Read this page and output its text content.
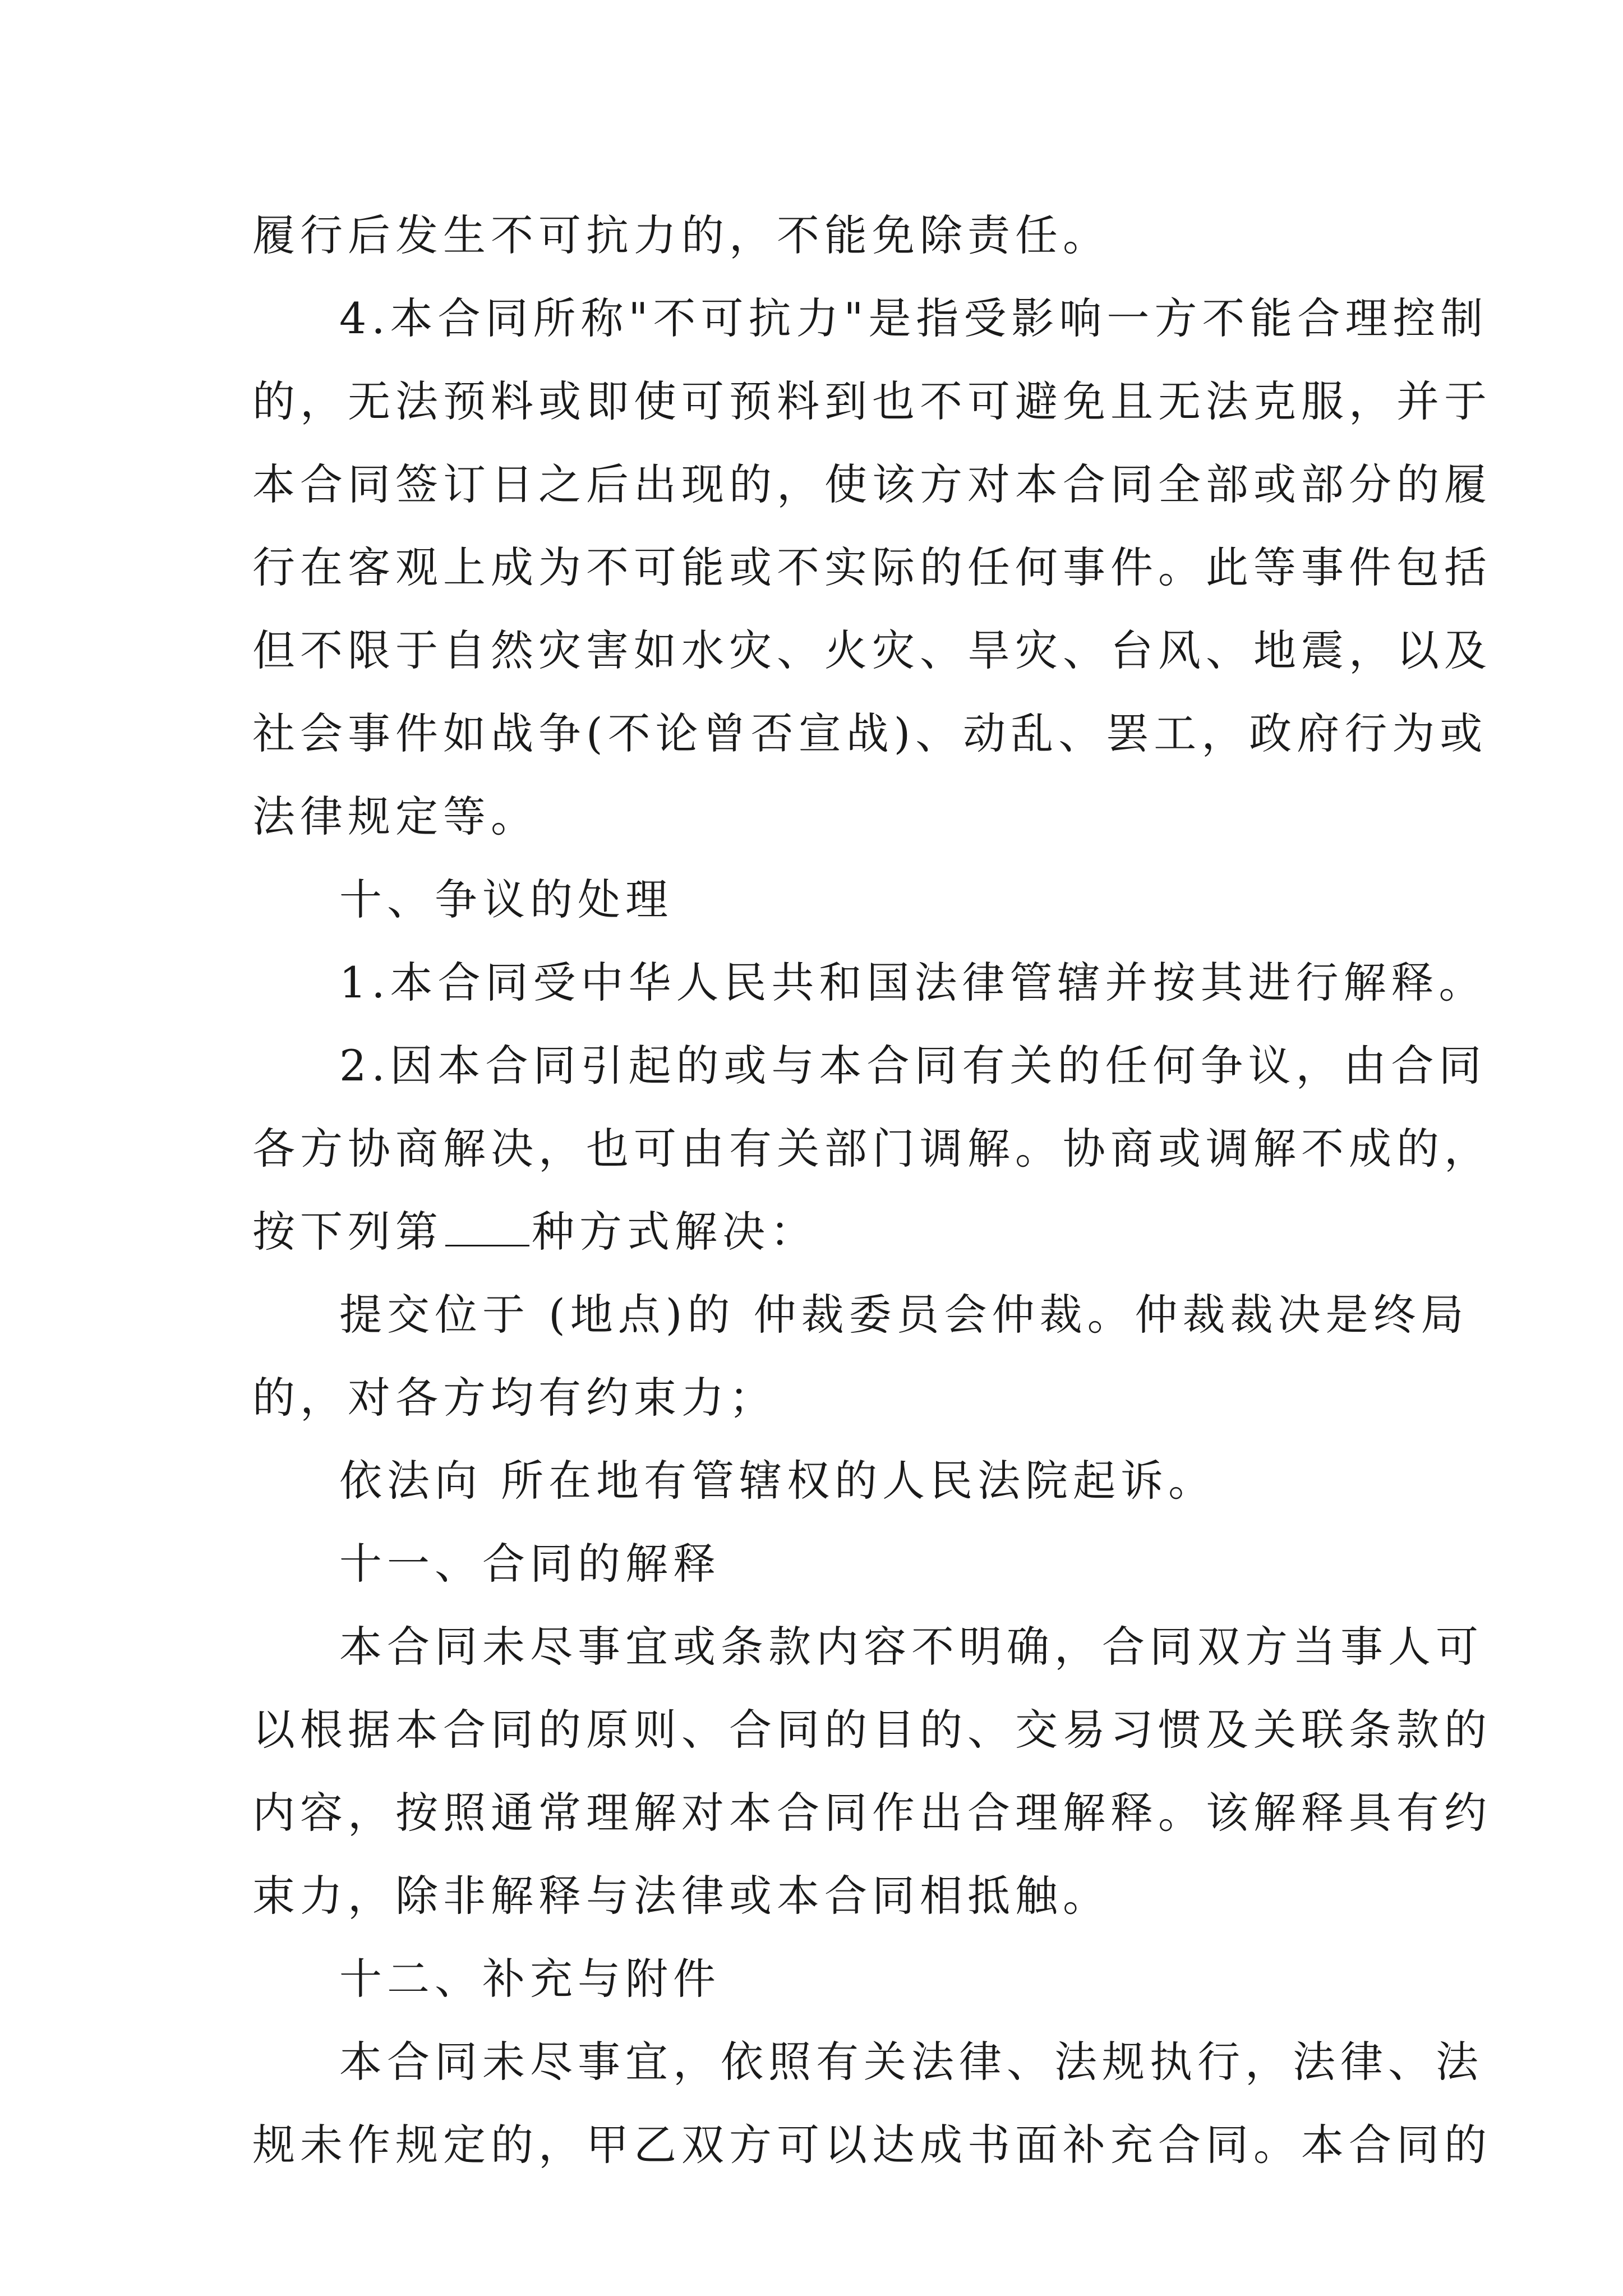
履行后发生不可抗力的，不能免除责任。
4.本合同所称"不可抗力"是指受影响一方不能合理控制
的，无法预料或即使可预料到也不可避免且无法克服，并于
本合同签订日之后出现的，使该方对本合同全部或部分的履
行在客观上成为不可能或不实际的任何事件。此等事件包括
但不限于自然灾害如水灾、火灾、旱灾、台风、地震，以及
社会事件如战争(不论曾否宣战)、动乱、罢工，政府行为或
法律规定等。
十、争议的处理
1.本合同受中华人民共和国法律管辖并按其进行解释。
2.因本合同引起的或与本合同有关的任何争议，由合同
各方协商解决，也可由有关部门调解。协商或调解不成的，
按下列第 种方式解决：
提交位于 (地点)的 仲裁委员会仲裁。仲裁裁决是终局
的，对各方均有约束力；
依法向 所在地有管辖权的人民法院起诉。
十一、合同的解释
本合同未尽事宜或条款内容不明确，合同双方当事人可
以根据本合同的原则、合同的目的、交易习惯及关联条款的
内容，按照通常理解对本合同作出合理解释。该解释具有约
束力，除非解释与法律或本合同相抵触。
十二、补充与附件
本合同未尽事宜，依照有关法律、法规执行，法律、法
规未作规定的，甲乙双方可以达成书面补充合同。本合同的
